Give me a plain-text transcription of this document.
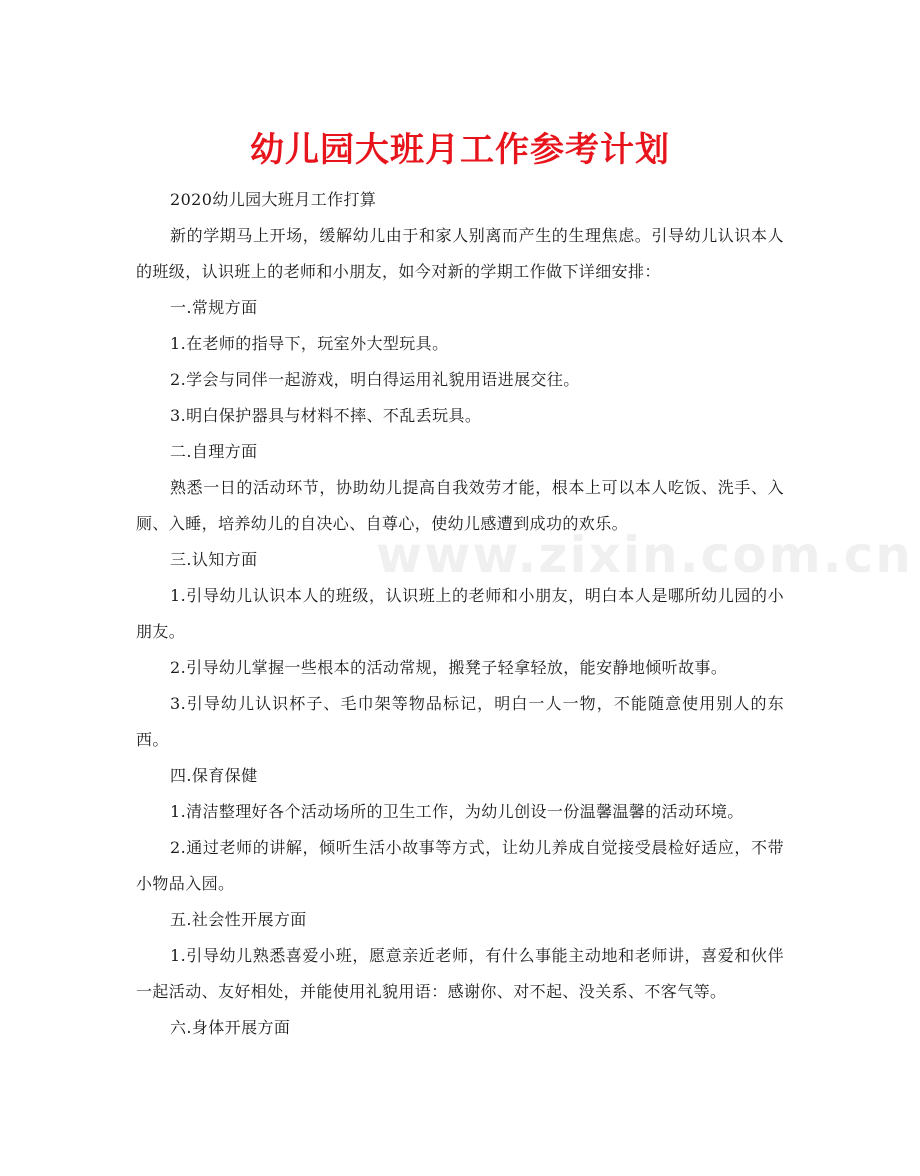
幼儿园大班月工作参考计划
www.zixin.com.cn

2020幼儿园大班月工作打算

新的学期马上开场，缓解幼儿由于和家人别离而产生的生理焦虑。引导幼儿认识本人的班级，认识班上的老师和小朋友，如今对新的学期工作做下详细安排：

一.常规方面

1.在老师的指导下，玩室外大型玩具。

2.学会与同伴一起游戏，明白得运用礼貌用语进展交往。

3.明白保护器具与材料不摔、不乱丢玩具。

二.自理方面

熟悉一日的活动环节，协助幼儿提高自我效劳才能，根本上可以本人吃饭、洗手、入厕、入睡，培养幼儿的自决心、自尊心，使幼儿感遭到成功的欢乐。

三.认知方面

1.引导幼儿认识本人的班级，认识班上的老师和小朋友，明白本人是哪所幼儿园的小朋友。

2.引导幼儿掌握一些根本的活动常规，搬凳子轻拿轻放，能安静地倾听故事。

3.引导幼儿认识杯子、毛巾架等物品标记，明白一人一物，不能随意使用别人的东西。

四.保育保健

1.清洁整理好各个活动场所的卫生工作，为幼儿创设一份温馨温馨的活动环境。

2.通过老师的讲解，倾听生活小故事等方式，让幼儿养成自觉接受晨检好适应，不带小物品入园。

五.社会性开展方面

1.引导幼儿熟悉喜爱小班，愿意亲近老师，有什么事能主动地和老师讲，喜爱和伙伴一起活动、友好相处，并能使用礼貌用语：感谢你、对不起、没关系、不客气等。

六.身体开展方面
